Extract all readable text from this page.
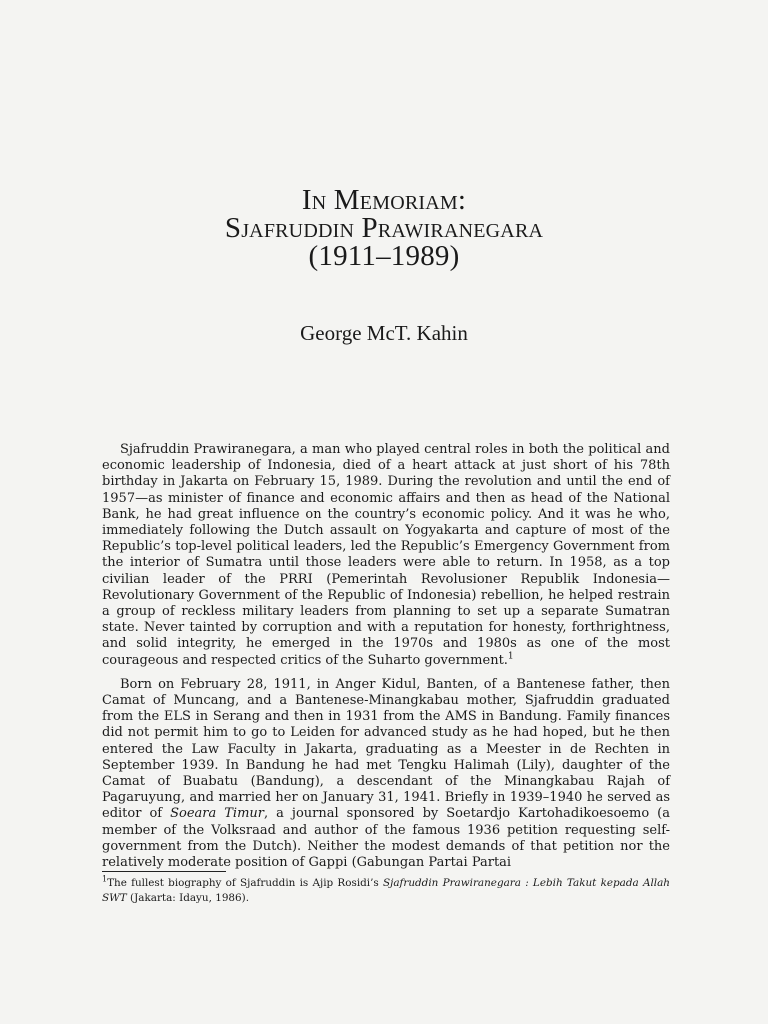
In Memoriam:
Sjafruddin Prawiranegara
(1911–1989)
George McT. Kahin

Sjafruddin Prawiranegara, a man who played central roles in both the political and economic leadership of Indonesia, died of a heart attack at just short of his 78th birthday in Jakarta on February 15, 1989. During the revolution and until the end of 1957—as minister of finance and economic affairs and then as head of the National Bank, he had great influence on the country’s economic policy. And it was he who, immediately following the Dutch assault on Yogyakarta and capture of most of the Republic’s top-level political leaders, led the Republic’s Emergency Government from the interior of Sumatra until those leaders were able to return. In 1958, as a top civilian leader of the PRRI (Pemerintah Revolusioner Republik Indonesia—Revolutionary Government of the Republic of Indonesia) rebellion, he helped restrain a group of reckless military leaders from planning to set up a separate Sumatran state. Never tainted by corruption and with a reputation for honesty, forthrightness, and solid integrity, he emerged in the 1970s and 1980s as one of the most courageous and respected critics of the Suharto government.$^1$

Born on February 28, 1911, in Anger Kidul, Banten, of a Bantenese father, then Camat of Muncang, and a Bantenese-Minangkabau mother, Sjafruddin graduated from the ELS in Serang and then in 1931 from the AMS in Bandung. Family finances did not permit him to go to Leiden for advanced study as he had hoped, but he then entered the Law Faculty in Jakarta, graduating as a Meester in de Rechten in September 1939. In Bandung he had met Tengku Halimah (Lily), daughter of the Camat of Buabatu (Bandung), a descendant of the Minangkabau Rajah of Pagaruyung, and married her on January 31, 1941. Briefly in 1939–1940 he served as editor of Soeara Timur, a journal sponsored by Soetardjo Kartohadikoesoemo (a member of the Volksraad and author of the famous 1936 petition requesting self-government from the Dutch). Neither the modest demands of that petition nor the relatively moderate position of Gappi (Gabungan Partai Partai

$^1$The fullest biography of Sjafruddin is Ajip Rosidi’s Sjafruddin Prawiranegara : Lebih Takut kepada Allah SWT (Jakarta: Idayu, 1986).
